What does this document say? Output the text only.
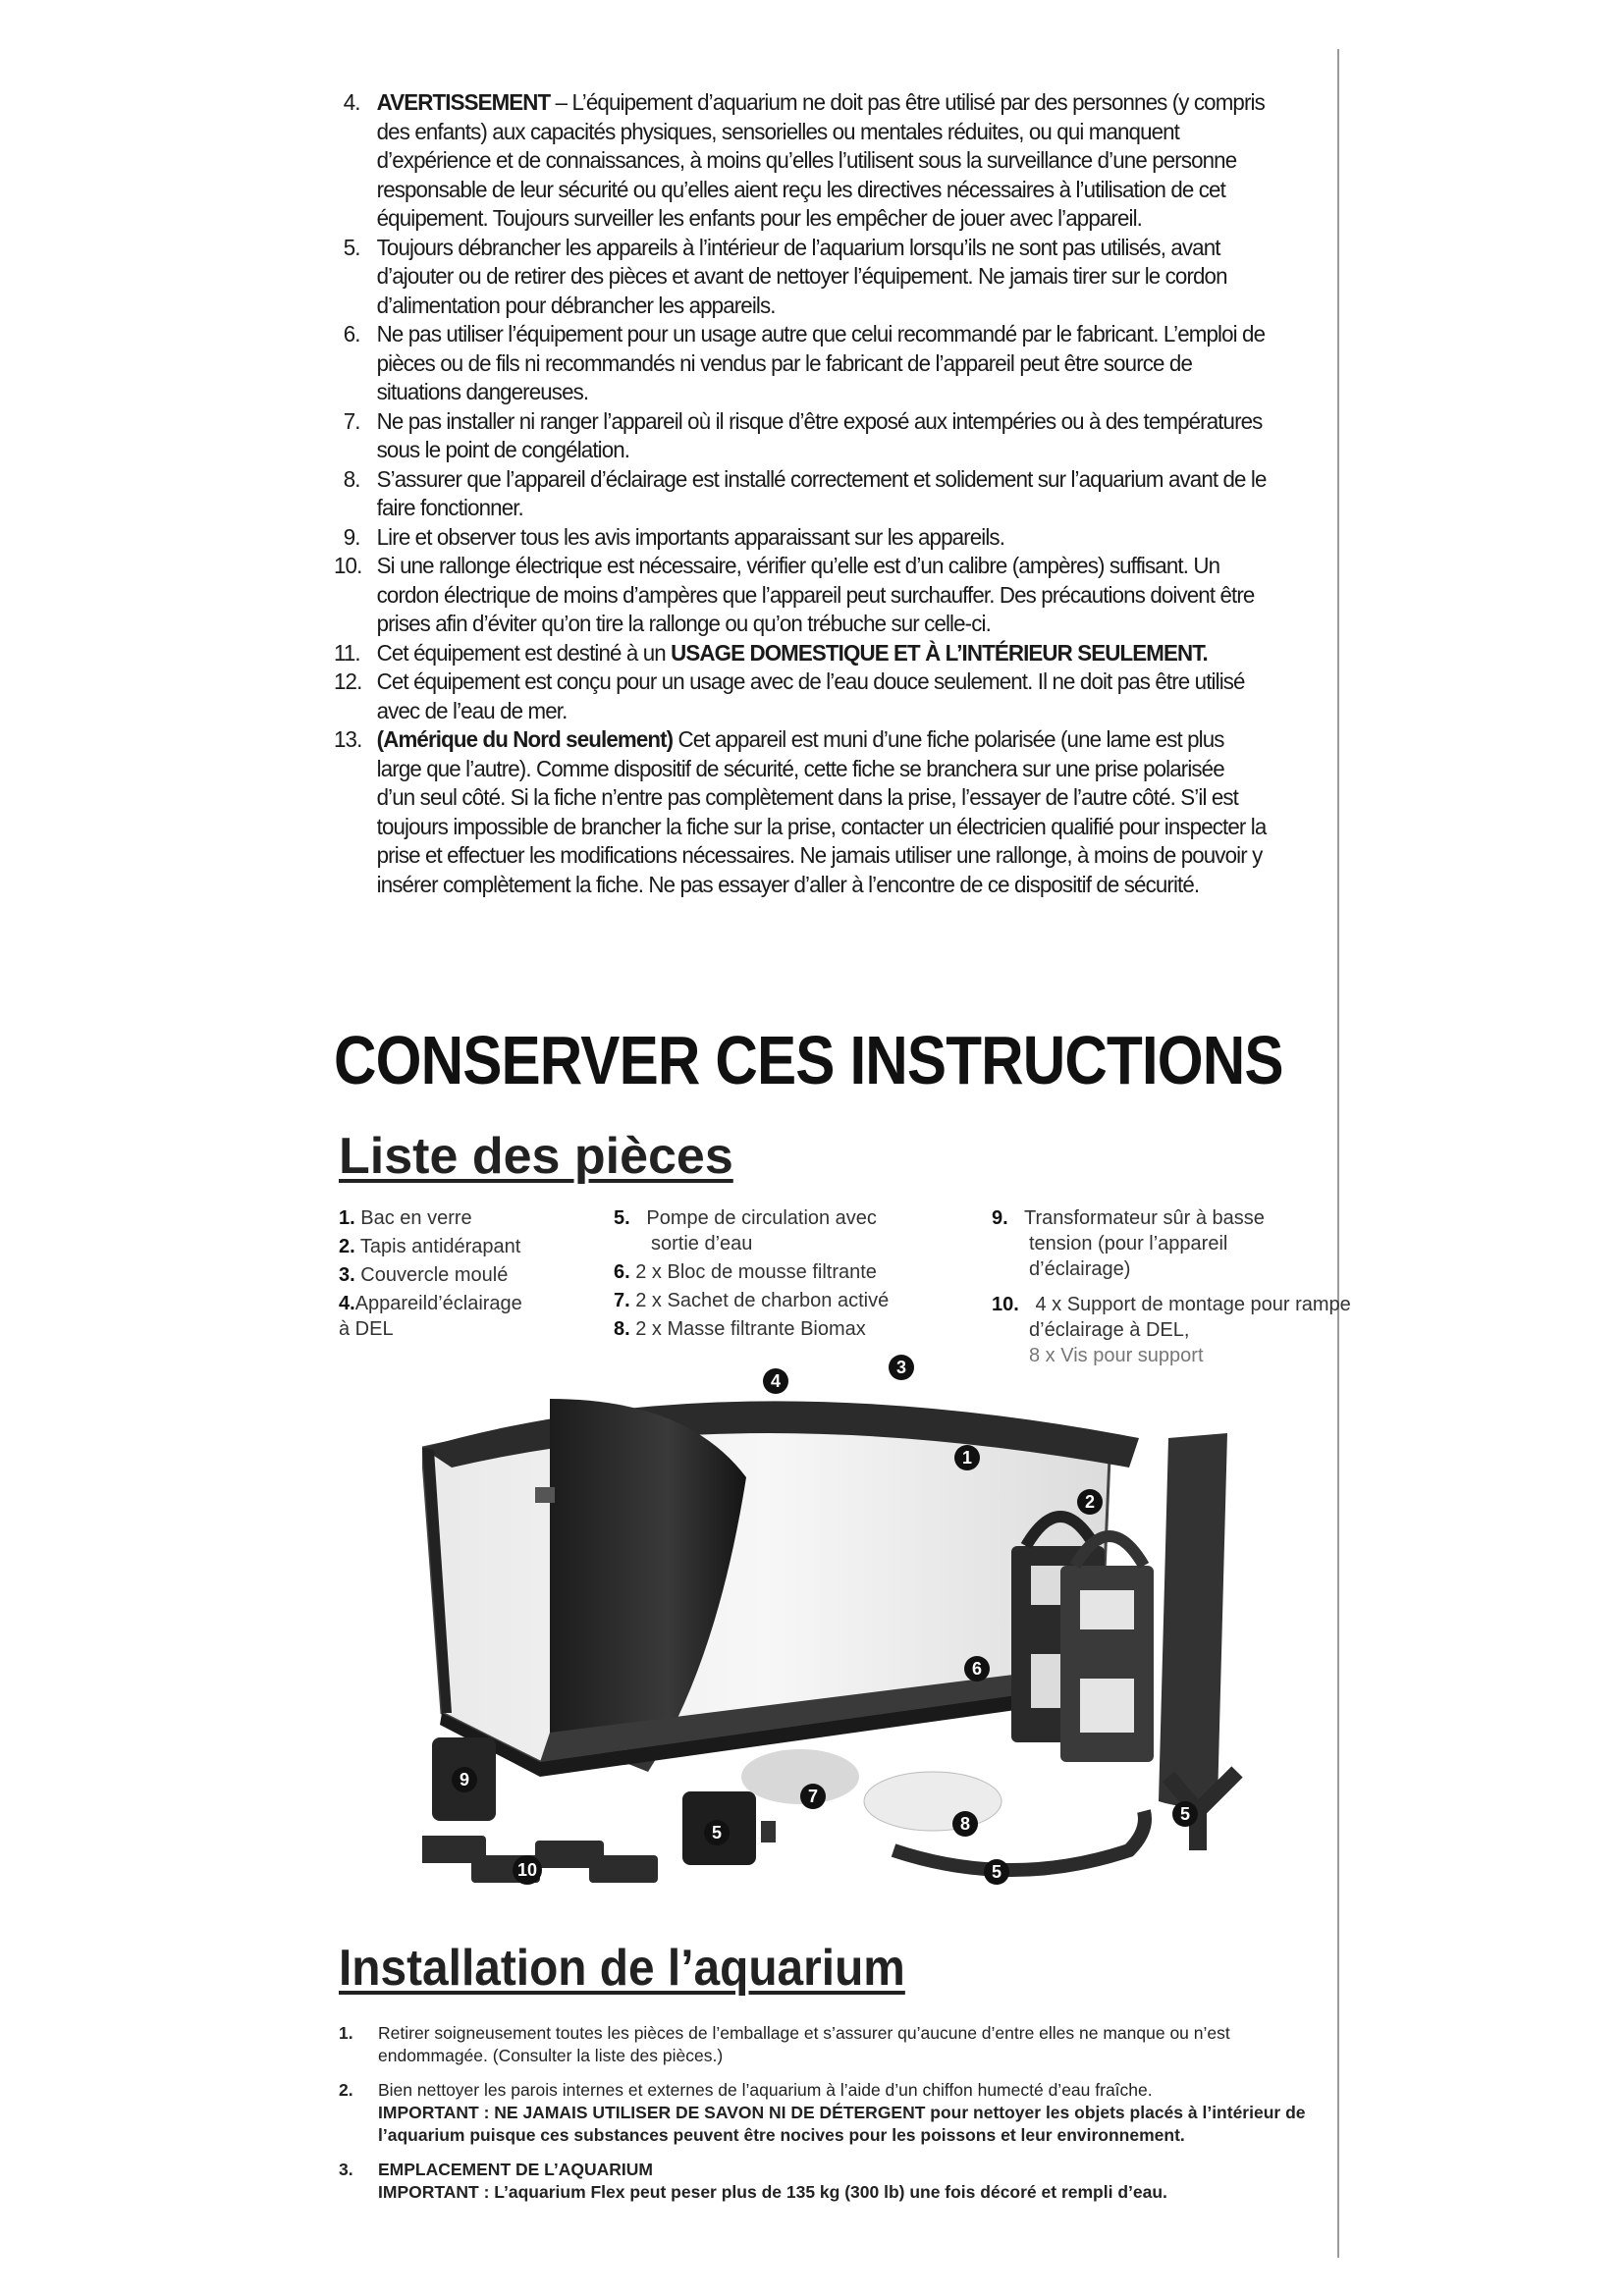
4. AVERTISSEMENT – L’équipement d’aquarium ne doit pas être utilisé par des personnes (y compris des enfants) aux capacités physiques, sensorielles ou mentales réduites, ou qui manquent d’expérience et de connaissances, à moins qu’elles l’utilisent sous la surveillance d’une personne responsable de leur sécurité ou qu’elles aient reçu les directives nécessaires à l’utilisation de cet équipement. Toujours surveiller les enfants pour les empêcher de jouer avec l’appareil.

5. Toujours débrancher les appareils à l’intérieur de l’aquarium lorsqu’ils ne sont pas utilisés, avant d’ajouter ou de retirer des pièces et avant de nettoyer l’équipement. Ne jamais tirer sur le cordon d’alimentation pour débrancher les appareils.

6. Ne pas utiliser l’équipement pour un usage autre que celui recommandé par le fabricant. L’emploi de pièces ou de fils ni recommandés ni vendus par le fabricant de l’appareil peut être source de situations dangereuses.

7. Ne pas installer ni ranger l’appareil où il risque d’être exposé aux intempéries ou à des températures sous le point de congélation.

8. S’assurer que l’appareil d’éclairage est installé correctement et solidement sur l’aquarium avant de le faire fonctionner.

9. Lire et observer tous les avis importants apparaissant sur les appareils.

10. Si une rallonge électrique est nécessaire, vérifier qu’elle est d’un calibre (ampères) suffisant. Un cordon électrique de moins d’ampères que l’appareil peut surchauffer. Des précautions doivent être prises afin d’éviter qu’on tire la rallonge ou qu’on trébuche sur celle-ci.

11. Cet équipement est destiné à un USAGE DOMESTIQUE ET À L’INTÉRIEUR SEULEMENT.

12. Cet équipement est conçu pour un usage avec de l’eau douce seulement. Il ne doit pas être utilisé avec de l’eau de mer.

13. (Amérique du Nord seulement) Cet appareil est muni d’une fiche polarisée (une lame est plus large que l’autre). Comme dispositif de sécurité, cette fiche se branchera sur une prise polarisée d’un seul côté. Si la fiche n’entre pas complètement dans la prise, l’essayer de l’autre côté. S’il est toujours impossible de brancher la fiche sur la prise, contacter un électricien qualifié pour inspecter la prise et effectuer les modifications nécessaires. Ne jamais utiliser une rallonge, à moins de pouvoir y insérer complètement la fiche. Ne pas essayer d’aller à l’encontre de ce dispositif de sécurité.

CONSERVER CES INSTRUCTIONS
Liste des pièces
1. Bac en verre
2. Tapis antidérapant
3. Couvercle moulé
4.Appareild’éclairage à DEL
5. Pompe de circulation avec sortie d’eau
6. 2 x Bloc de mousse filtrante
7. 2 x Sachet de charbon activé
8. 2 x Masse filtrante Biomax
9. Transformateur sûr à basse tension (pour l’appareil d’éclairage)
10. 4 x Support de montage pour rampe d’éclairage à DEL,
8 x Vis pour support
1
2
3
4
5
5
5
6
7
8
9
10
Installation de l’aquarium
1. Retirer soigneusement toutes les pièces de l’emballage et s’assurer qu’aucune d’entre elles ne manque ou n’est endommagée. (Consulter la liste des pièces.)
2. Bien nettoyer les parois internes et externes de l’aquarium à l’aide d’un chiffon humecté d’eau fraîche.
IMPORTANT : NE JAMAIS UTILISER DE SAVON NI DE DÉTERGENT pour nettoyer les objets placés à l’intérieur de l’aquarium puisque ces substances peuvent être nocives pour les poissons et leur environnement.
3. EMPLACEMENT DE L’AQUARIUM
IMPORTANT : L’aquarium Flex peut peser plus de 135 kg (300 lb) une fois décoré et rempli d’eau.
